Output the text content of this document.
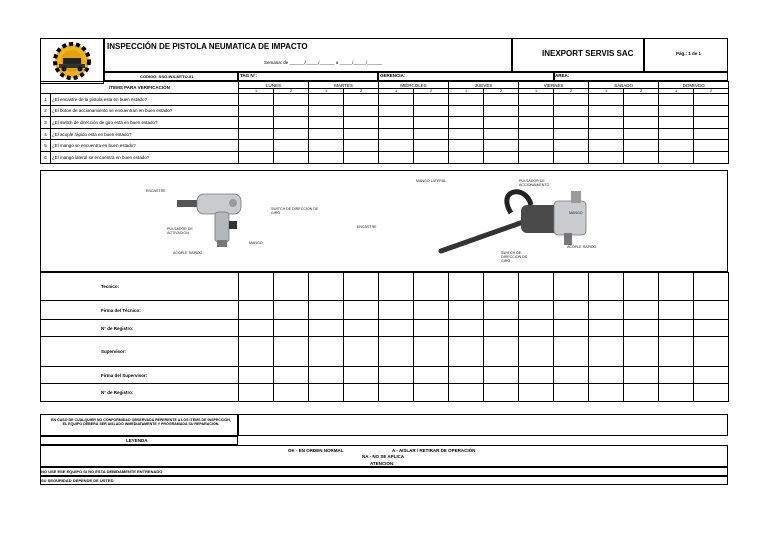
INSPECCIÓN DE PISTOLA NEUMATICA DE IMPACTO
Semana: de ______/_____/______ a _____/_____/______
INEXPORT SERVIS SAC	Pág.: 1 de 1
CODIGO: SSO-INX-MTTO-01	TAG N°:	GERENCIA:	AREA:
ÍTEMS PARA VERIFICACIÓN		LUNES		MARTES		MIÉRCOLES		JUEVES		VIERNES		SÁBADO		DOMINGO	
		1	2	1	2	1	2	1	2	1	2	1	2	1	2
1	¿El encastre de la pistola esta en buen estado?														
2	¿El boton de accionamiento se encuentran en buen estado?														
3	¿El switch de dirección de giro está en buen estado?														
4	¿El acople rápido esta en buen estado?														
5	¿El mango se encuentra en buen estado?														
6	¿El mango lateral se encuentra en buen estado?														
ENCASTRE
SWITCH DE DIRECCION DE GIRO
PULSADOR DE ACTIVACION
MANGO
ACOPLE RAPIDO
MANGO LATERAL	PULSADOR DE ACCIONAMIENTO
ENCASTRE
MANGO
ACOPLE RAPIDO
SWITCH DE DIRECCION DE GIRO
Tecnico:														
Firma del Técnico:														
N° de Registro:														
Supervisor:														
Firma del Supervisor:														
N° de Registro:														
EN CASO DE CUALQUIER NO CONFORMIDAD OBSERVADA REFERENTE A LOS ITEMS DE INSPECCIÓN, EL EQUIPO DEBERÁ SER AISLADO INMEDIATAMENTE Y PROGRAMADA SU REPARACIÓN.
LEYENDA
OK - EN ORDEN NORMAL	A - AISLAR / RETIRAR DE OPERACIÓN
NA - NO SE APLICA
ATENCIÓN:
NO USE ESE EQUIPO SI NO ESTA DEBIDAMENTE ENTRENADO
SU SEGURIDAD DEPENDE DE USTED
